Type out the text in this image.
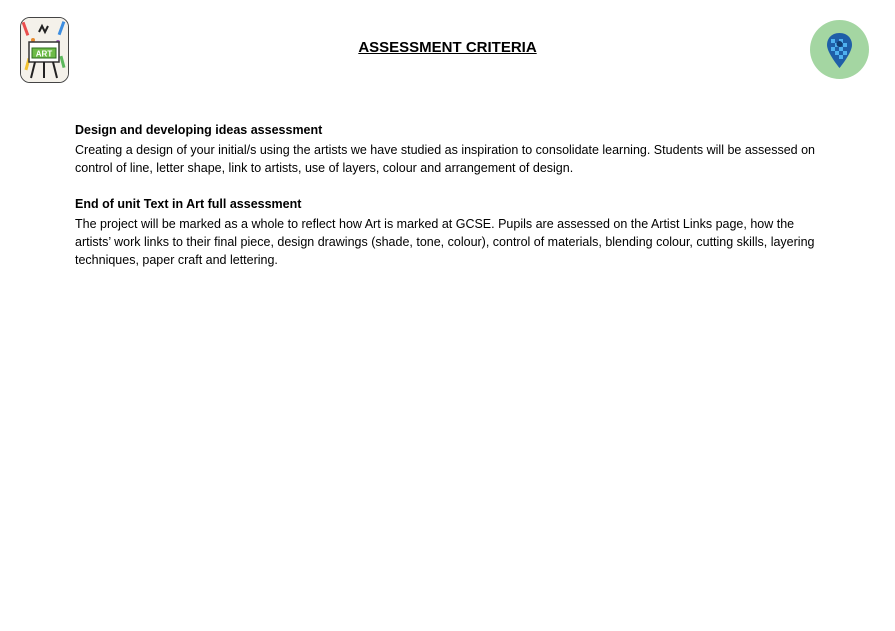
ART	ASSESSMENT CRITERIA

Design and developing ideas assessment

Creating a design of your initial/s using the artists we have studied as inspiration to consolidate learning. Students will be assessed on control of line, letter shape, link to artists, use of layers, colour and arrangement of design.

End of unit Text in Art full assessment

The project will be marked as a whole to reflect how Art is marked at GCSE. Pupils are assessed on the Artist Links page, how the artists’ work links to their final piece, design drawings (shade, tone, colour), control of materials, blending colour, cutting skills, layering techniques, paper craft and lettering.
